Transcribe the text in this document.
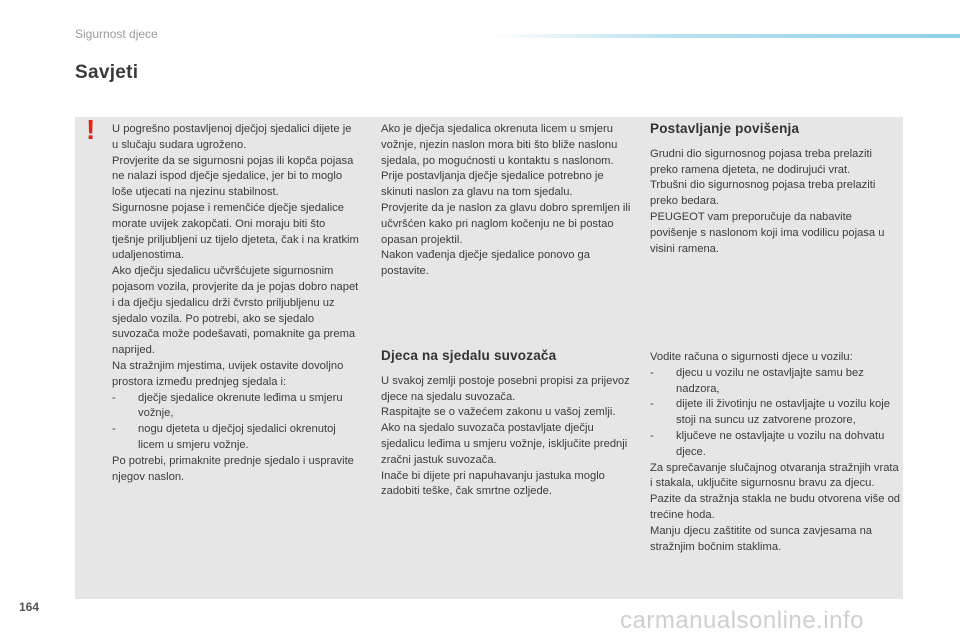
Sigurnost djece
Savjeti
! U pogrešno postavljenoj dječjoj sjedalici dijete je u slučaju sudara ugroženo.

Provjerite da se sigurnosni pojas ili kopča pojasa ne nalazi ispod dječje sjedalice, jer bi to moglo loše utjecati na njezinu stabilnost.

Sigurnosne pojase i remenčiće dječje sjedalice morate uvijek zakopčati. Oni moraju biti što tješnje priljubljeni uz tijelo djeteta, čak i na kratkim udaljenostima.

Ako dječju sjedalicu učvršćujete sigurnosnim pojasom vozila, provjerite da je pojas dobro napet i da dječju sjedalicu drži čvrsto priljubljenu uz sjedalo vozila. Po potrebi, ako se sjedalo suvozača može podešavati, pomaknite ga prema naprijed.

Na stražnjim mjestima, uvijek ostavite dovoljno prostora između prednjeg sjedala i:

-	dječje sjedalice okrenute leđima u smjeru vožnje,
-	nogu djeteta u dječjoj sjedalici okrenutoj licem u smjeru vožnje.

Po potrebi, primaknite prednje sjedalo i uspravite njegov naslon.

Ako je dječja sjedalica okrenuta licem u smjeru vožnje, njezin naslon mora biti što bliže naslonu sjedala, po mogućnosti u kontaktu s naslonom.

Prije postavljanja dječje sjedalice potrebno je skinuti naslon za glavu na tom sjedalu.

Provjerite da je naslon za glavu dobro spremljen ili učvršćen kako pri naglom kočenju ne bi postao opasan projektil.

Nakon vađenja dječje sjedalice ponovo ga postavite.

Djeca na sjedalu suvozača

U svakoj zemlji postoje posebni propisi za prijevoz djece na sjedalu suvozača.

Raspitajte se o važećem zakonu u vašoj zemlji.

Ako na sjedalo suvozača postavljate dječju sjedalicu leđima u smjeru vožnje, isključite prednji zračni jastuk suvozača.

Inače bi dijete pri napuhavanju jastuka moglo zadobiti teške, čak smrtne ozljede.

Postavljanje povišenja

Grudni dio sigurnosnog pojasa treba prelaziti preko ramena djeteta, ne dodirujući vrat.

Trbušni dio sigurnosnog pojasa treba prelaziti preko bedara.

PEUGEOT vam preporučuje da nabavite povišenje s naslonom koji ima vodilicu pojasa u visini ramena.

Vodite računa o sigurnosti djece u vozilu:

-	djecu u vozilu ne ostavljajte samu bez nadzora,
-	dijete ili životinju ne ostavljajte u vozilu koje stoji na suncu uz zatvorene prozore,
-	ključeve ne ostavljajte u vozilu na dohvatu djece.

Za sprečavanje slučajnog otvaranja stražnjih vrata i stakala, uključite sigurnosnu bravu za djecu.

Pazite da stražnja stakla ne budu otvorena više od trećine hoda.

Manju djecu zaštitite od sunca zavjesama na stražnjim bočnim staklima.

164	carmanualsonline.info
